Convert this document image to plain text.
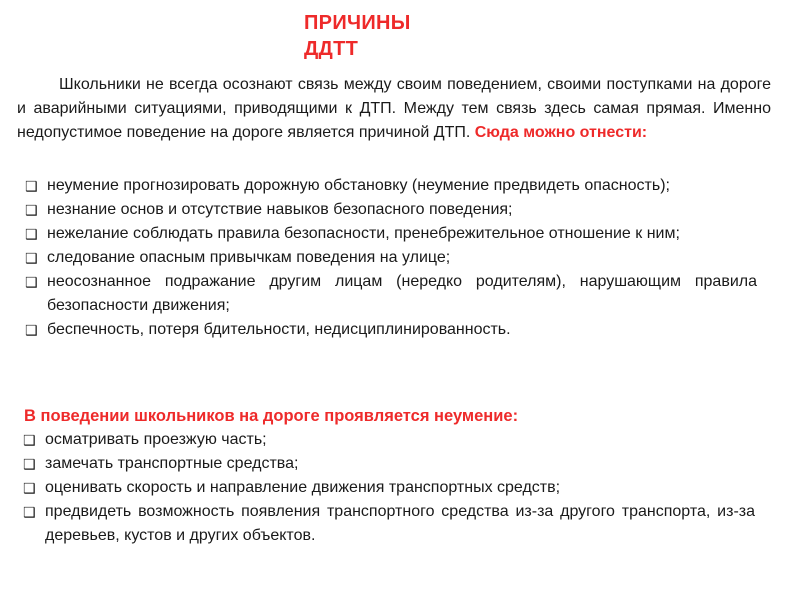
ПРИЧИНЫ ДДТТ

Школьники не всегда осознают связь между своим поведением, своими поступками на дороге и аварийными ситуациями, приводящими к ДТП. Между тем связь здесь самая прямая. Именно недопустимое поведение на дороге является причиной ДТП. Сюда можно отнести:

❑ неумение прогнозировать дорожную обстановку (неумение предвидеть опасность);
❑ незнание основ и отсутствие навыков безопасного поведения;
❑ нежелание соблюдать правила безопасности, пренебрежительное отношение к ним;
❑ следование опасным привычкам поведения на улице;
❑ неосознанное подражание другим лицам (нередко родителям), нарушающим правила безопасности движения;
❑ беспечность, потеря бдительности, недисциплинированность.
В поведении школьников на дороге проявляется неумение:
❑ осматривать проезжую часть;
❑ замечать транспортные средства;
❑ оценивать скорость и направление движения транспортных средств;
❑ предвидеть возможность появления транспортного средства из-за другого транспорта, из-за деревьев, кустов и других объектов.
